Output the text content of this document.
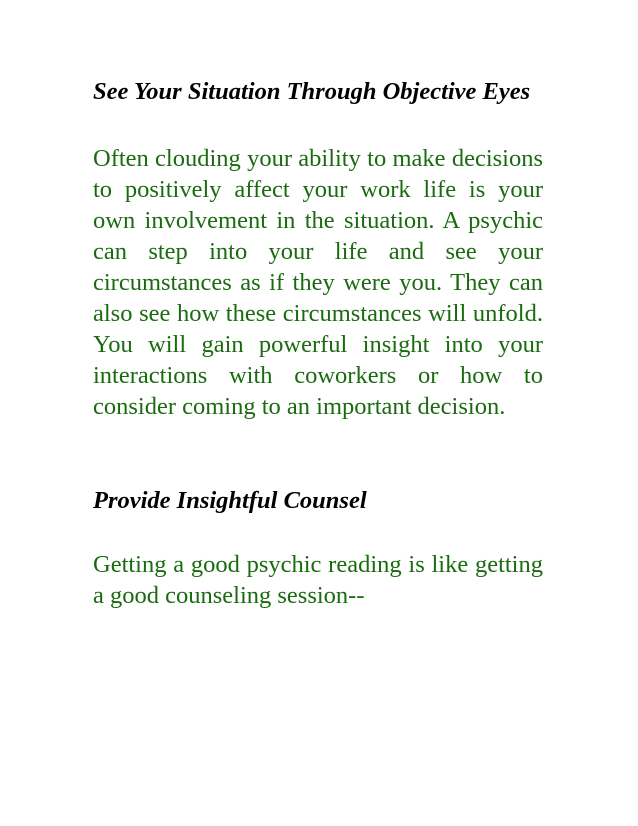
See Your Situation Through Objective Eyes

Often clouding your ability to make decisions to positively affect your work life is your own involvement in the situation. A psychic can step into your life and see your circumstances as if they were you. They can also see how these circumstances will unfold. You will gain powerful insight into your interactions with coworkers or how to consider coming to an important decision.

Provide Insightful Counsel

Getting a good psychic reading is like getting a good counseling session--
